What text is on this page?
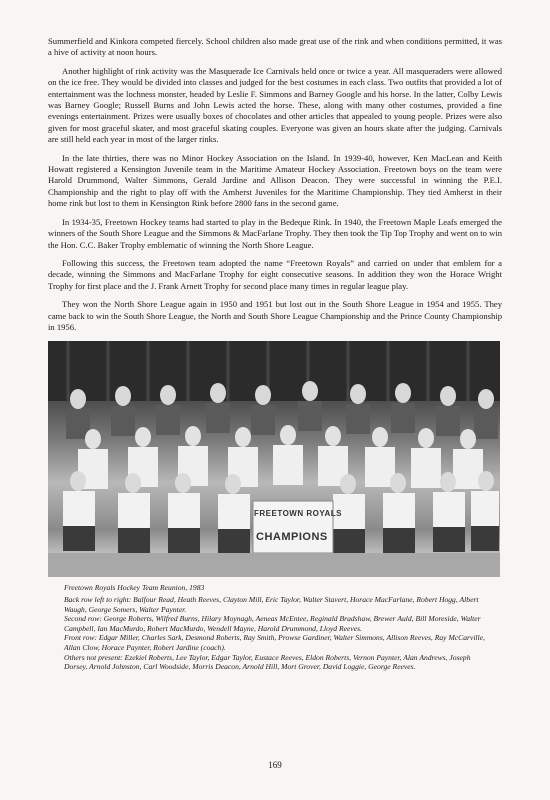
Summerfield and Kinkora competed fiercely. School children also made great use of the rink and when conditions permitted, it was a hive of activity at noon hours.

Another highlight of rink activity was the Masquerade Ice Carnivals held once or twice a year. All masqueraders were allowed on the ice free. They would be divided into classes and judged for the best costumes in each class. Two outfits that provided a lot of entertainment was the lochness monster, headed by Leslie F. Simmons and Barney Google and his horse. In the latter, Colby Lewis was Barney Google; Russell Burns and John Lewis acted the horse. These, along with many other costumes, provided a fine evenings entertainment. Prizes were usually boxes of chocolates and other articles that appealed to young people. Prizes were also given for most graceful skater, and most graceful skating couples. Everyone was given an hours skate after the judging. Carnivals are still held each year in most of the larger rinks.

In the late thirties, there was no Minor Hockey Association on the Island. In 1939-40, however, Ken MacLean and Keith Howatt registered a Kensington Juvenile team in the Maritime Amateur Hockey Association. Freetown boys on the team were Harold Drummond, Walter Simmons, Gerald Jardine and Allison Deacon. They were successful in winning the P.E.I. Championship and the right to play off with the Amherst Juveniles for the Maritime Championship. They tied Amherst in their home rink but lost to them in Kensington Rink before 2800 fans in the second game.

In 1934-35, Freetown Hockey teams had started to play in the Bedeque Rink. In 1940, the Freetown Maple Leafs emerged the winners of the South Shore League and the Simmons & MacFarlane Trophy. They then took the Tip Top Trophy and went on to win the Hon. C.C. Baker Trophy emblematic of winning the North Shore League.

Following this success, the Freetown team adopted the name “Freetown Royals” and carried on under that emblem for a decade, winning the Simmons and MacFarlane Trophy for eight consecutive seasons. In addition they won the Horace Wright Trophy for first place and the J. Frank Arnett Trophy for second place many times in regular league play.

They won the North Shore League again in 1950 and 1951 but lost out in the South Shore League in 1954 and 1955. They came back to win the South Shore League, the North and South Shore League Championship and the Prince County Championship in 1956.

FREETOWN ROYALS
CHAMPIONS

Freetown Royals Hockey Team Reunion, 1983

Back row left to right: Balfour Read, Heath Reeves, Clayton Mill, Eric Taylor, Walter Stavert, Horace MacFarlane, Robert Hogg, Albert Waugh, George Somers, Walter Paynter.

Second row: George Roberts, Wilfred Burns, Hilary Moynagh, Aeneas McEntee, Reginald Bradshaw, Brewer Auld, Bill Moreside, Walter Campbell, Ian MacMurdo, Robert MacMurdo, Wendell Mayne, Harold Drummond, Lloyd Reeves.

Front row: Edgar Miller, Charles Sark, Desmond Roberts, Ray Smith, Prowse Gardiner, Walter Simmons, Allison Reeves, Ray McCarville, Allan Clow, Horace Paynter, Robert Jardine (coach).

Others not present: Ezekiel Roberts, Lee Taylor, Edgar Taylor, Eustace Reeves, Eldon Roberts, Vernon Paynter, Alan Andrews, Joseph Dorsey, Arnold Johnston, Carl Woodside, Morris Deacon, Arnold Hill, Mort Grover, David Loggie, George Reeves.

169
